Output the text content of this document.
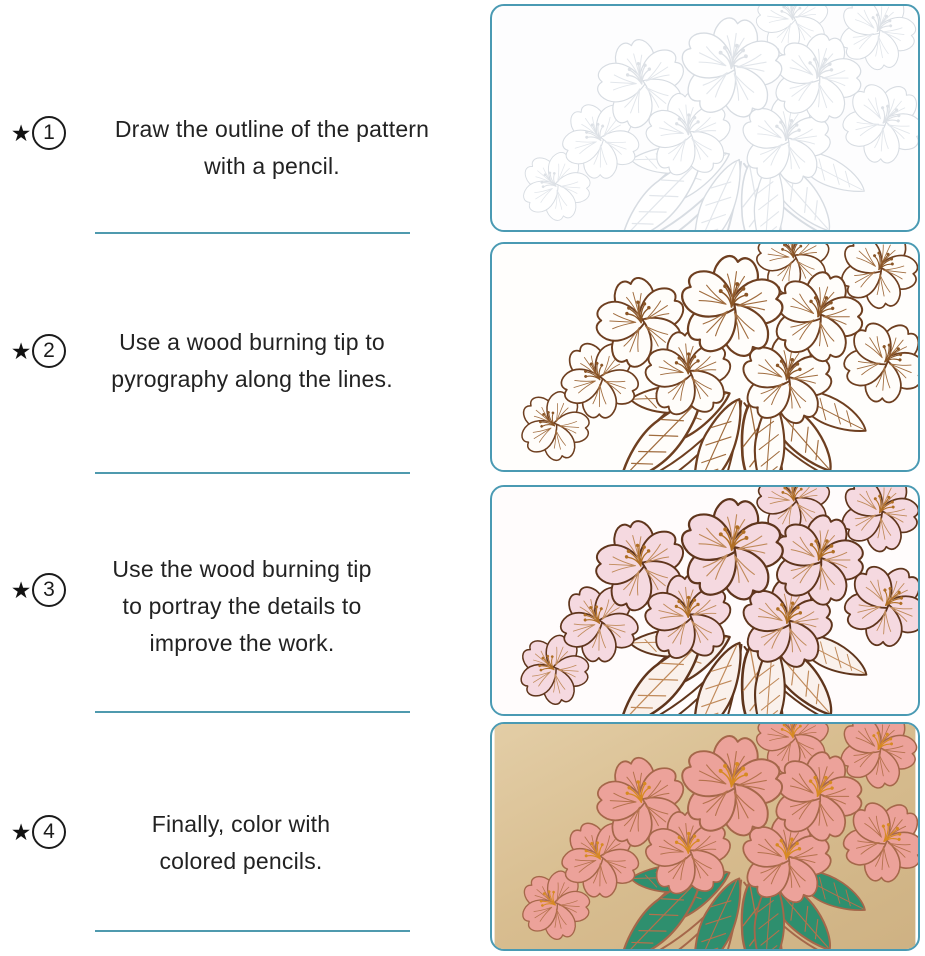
★ 1	Draw the outline of the pattern
with a pencil.
★ 2	Use a wood burning tip to
pyrography along the lines.
★ 3
Use the wood burning tip
to portray the details to
improve the work.
★ 4	Finally, color with
colored pencils.
